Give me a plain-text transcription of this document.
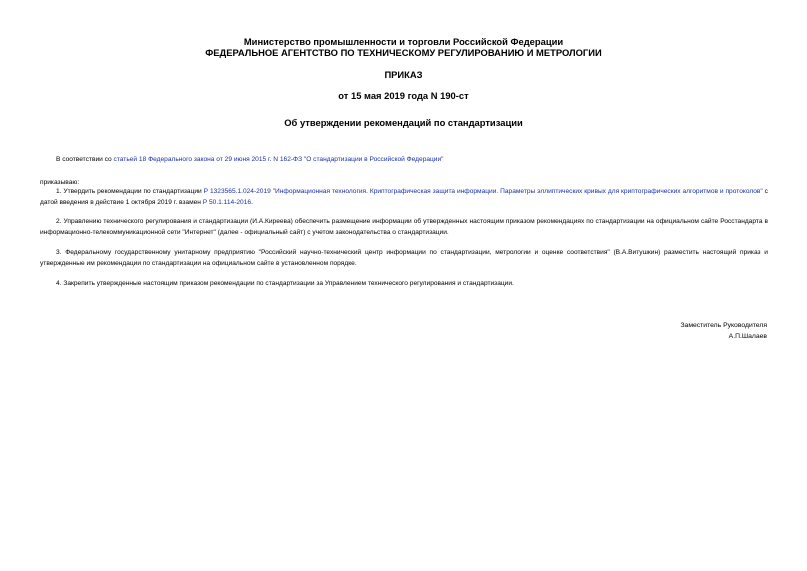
Министерство промышленности и торговли Российской Федерации
ФЕДЕРАЛЬНОЕ АГЕНТСТВО ПО ТЕХНИЧЕСКОМУ РЕГУЛИРОВАНИЮ И МЕТРОЛОГИИ
ПРИКАЗ
от 15 мая 2019 года N 190-ст
Об утверждении рекомендаций по стандартизации
В соответствии со статьей 18 Федерального закона от 29 июня 2015 г. N 162-ФЗ "О стандартизации в Российской Федерации"
приказываю:
1. Утвердить рекомендации по стандартизации Р 1323565.1.024-2019 "Информационная технология. Криптографическая защита информации. Параметры эллиптических кривых для криптографических алгоритмов и протоколов" с датой введения в действие 1 октября 2019 г. взамен Р 50.1.114-2016.
2. Управлению технического регулирования и стандартизации (И.А.Киреева) обеспечить размещение информации об утвержденных настоящим приказом рекомендациях по стандартизации на официальном сайте Росстандарта в информационно-телекоммуникационной сети "Интернет" (далее - официальный сайт) с учетом законодательства о стандартизации.
3. Федеральному государственному унитарному предприятию "Российский научно-технический центр информации по стандартизации, метрологии и оценке соответствия" (В.А.Витушкин) разместить настоящий приказ и утвержденные им рекомендации по стандартизации на официальном сайте в установленном порядке.
4. Закрепить утвержденные настоящим приказом рекомендации по стандартизации за Управлением технического регулирования и стандартизации.
Заместитель Руководителя
А.П.Шалаев
